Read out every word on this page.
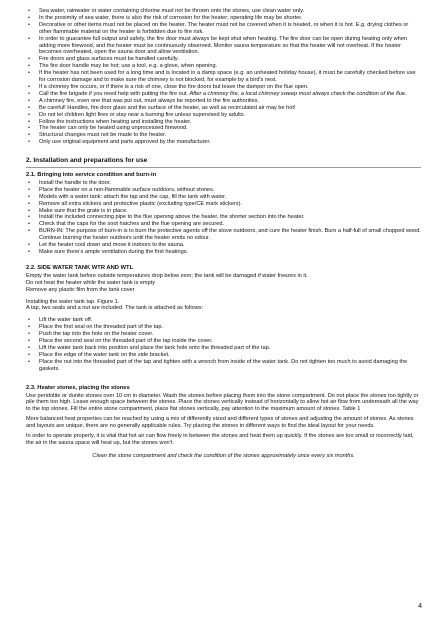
• Sea water, rainwater or water containing chlorine must not be thrown onto the stones, use clean water only.
• In the proximity of sea water, there is also the risk of corrosion for the heater; operating life may be shorter.
• Decorative or other items must not be placed on the heater. The heater must not be covered when it is heated, or when it is hot. E.g. drying clothes or other flammable material on the heater is forbidden due to fire risk.
• In order to guarantee full output and safety, the fire door must always be kept shut when heating. The fire door can be open during heating only when adding more firewood, and the heater must be continuously observed. Monitor sauna temperature so that the heater will not overheat. If the heater becomes overheated, open the sauna door and allow ventilation.
• Fire doors and glass surfaces must be handled carefully.
• The fire door handle may be hot; use a tool, e.g. a glove, when opening.
• If the heater has not been used for a long time and is located in a damp space (e.g. an unheated holiday house), it must be carefully checked before use for corrosion damage and to make sure the chimney is not blocked, for example by a bird's nest.
• If a chimney fire occurs, or if there is a risk of one, close the fire doors but leave the damper on the flue open.
• Call the fire brigade if you need help with putting the fire out. After a chimney fire, a local chimney sweep must always check the condition of the flue.
• A chimney fire, even one that was put out, must always be reported to the fire authorities.
• Be careful! Handles, fire door glass and the surface of the heater, as well as recirculated air may be hot!
• Do not let children light fires or stay near a burning fire unless supervised by adults.
• Follow the instructions when heating and installing the heater.
• The heater can only be heated using unprocessed firewood.
• Structural changes must not be made to the heater.
• Only use original equipment and parts approved by the manufacturer.
2. Installation and preparations for use
2.1. Bringing into service condition and burn-in
• Install the handle to the door.
• Place the heater on a non-flammable surface outdoors, without stones.
• Models with a water tank: attach the tap and the cap, fill the tank with water.
• Remove all extra stickers and protective plastic (excluding type/CE mark stickers).
• Make sure that the grate is in place.
• Install the included connecting pipe to the flue opening above the heater, the shorter section into the heater.
• Check that the caps for the soot hatches and the flue opening are secured.
• BURN-IN: The purpose of burn-in is to burn the protective agents off the stove outdoors, and cure the heater finish. Burn a half-full of small chopped wood. Continue burning the heater outdoors until the heater emits no odour.
• Let the heater cool down and move it indoors to the sauna.
• Make sure there's ample ventilation during the first heatings.
2.2. SIDE WATER TANK WTR AND WTL

Empty the water tank before outside temperatures drop below zero; the tank will be damaged if water freezes in it.

Do not heat the heater while the water tank is empty

Remove any plastic film from the tank cover

Installing the water tank tap. Figure 1.

A tap, two seals and a nut are included. The tank is attached as follows:

• Lift the water tank off.
• Place the first seal on the threaded part of the tap.
• Push the tap into the hole on the heater cover.
• Place the second seal on the threaded part of the tap inside the cover.
• Lift the water tank back into position and place the tank hole onto the threaded part of the tap.
• Place the edge of the water tank on the side bracket.
• Place the nut into the threaded part of the tap and tighten with a wrench from inside of the water tank. Do not tighten too much to avoid damaging the gaskets.
2.3. Heater stones, placing the stones

Use peridotite or dunite stones over 10 cm in diameter. Wash the stones before placing them into the stone compartment. Do not place the stones too tightly or pile them too high. Leave enough space between the stones. Place the stones vertically instead of horizontally to allow hot air flow from underneath all the way to the top stones. Fill the entire stone compartment, place flat stones vertically, pay attention to the maximum amount of stones. Table 1

More balanced heat properties can be reached by using a mix of differently sized and different types of stones and adjusting the amount of stones. As stones and layouts are unique, there are no generally applicable rules. Try placing the stones in different ways to find the ideal layout for your needs.

In order to operate properly, it is vital that hot air can flow freely in between the stones and heat them up quickly. If the stones are too small or incorrectly laid, the air in the sauna space will heat up, but the stones won't.

Clean the stone compartment and check the condition of the stones approximately once every six months.

4
